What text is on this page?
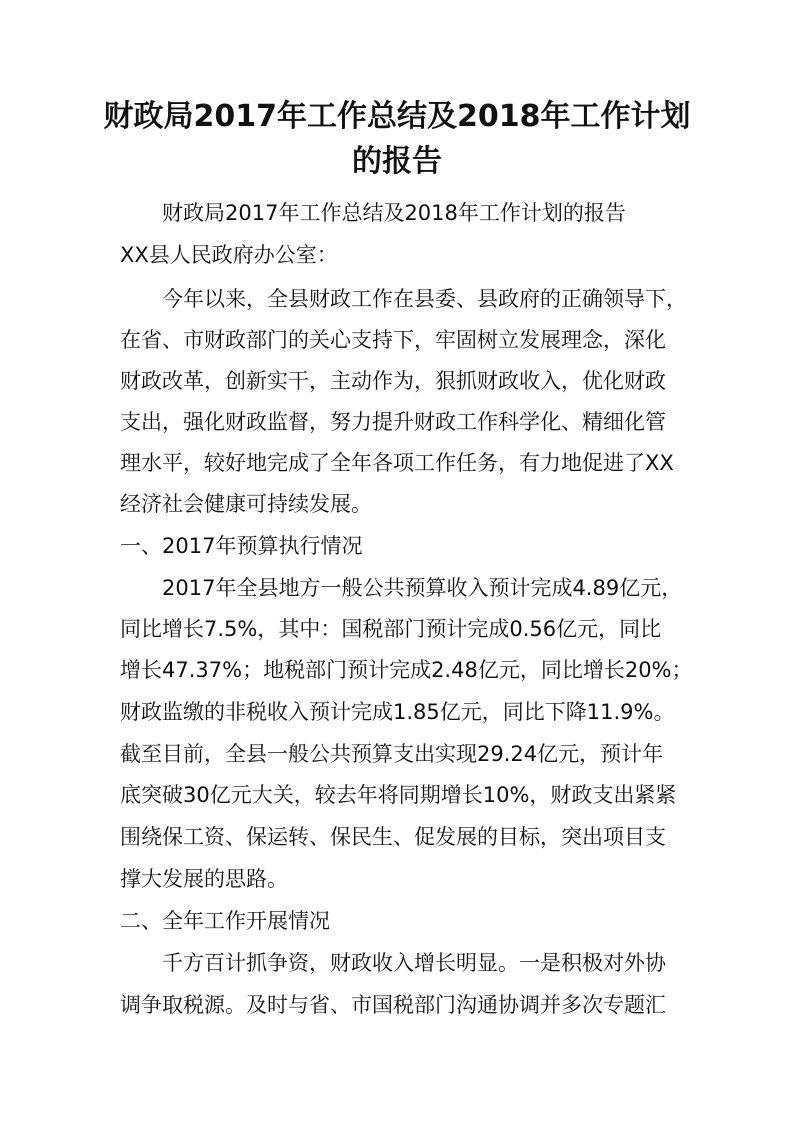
财政局2017年工作总结及2018年工作计划
的报告

财政局2017年工作总结及2018年工作计划的报告

XX县人民政府办公室：

今年以来，全县财政工作在县委、县政府的正确领导下，

在省、市财政部门的关心支持下，牢固树立发展理念，深化

财政改革，创新实干，主动作为，狠抓财政收入，优化财政

支出，强化财政监督，努力提升财政工作科学化、精细化管

理水平，较好地完成了全年各项工作任务，有力地促进了XX

经济社会健康可持续发展。

一、2017年预算执行情况

2017年全县地方一般公共预算收入预计完成4.89亿元，

同比增长7.5%，其中：国税部门预计完成0.56亿元，同比

增长47.37%；地税部门预计完成2.48亿元，同比增长20%；

财政监缴的非税收入预计完成1.85亿元，同比下降11.9%。

截至目前，全县一般公共预算支出实现29.24亿元，预计年

底突破30亿元大关，较去年将同期增长10%，财政支出紧紧

围绕保工资、保运转、保民生、促发展的目标，突出项目支

撑大发展的思路。

二、全年工作开展情况

千方百计抓争资，财政收入增长明显。一是积极对外协

调争取税源。及时与省、市国税部门沟通协调并多次专题汇
